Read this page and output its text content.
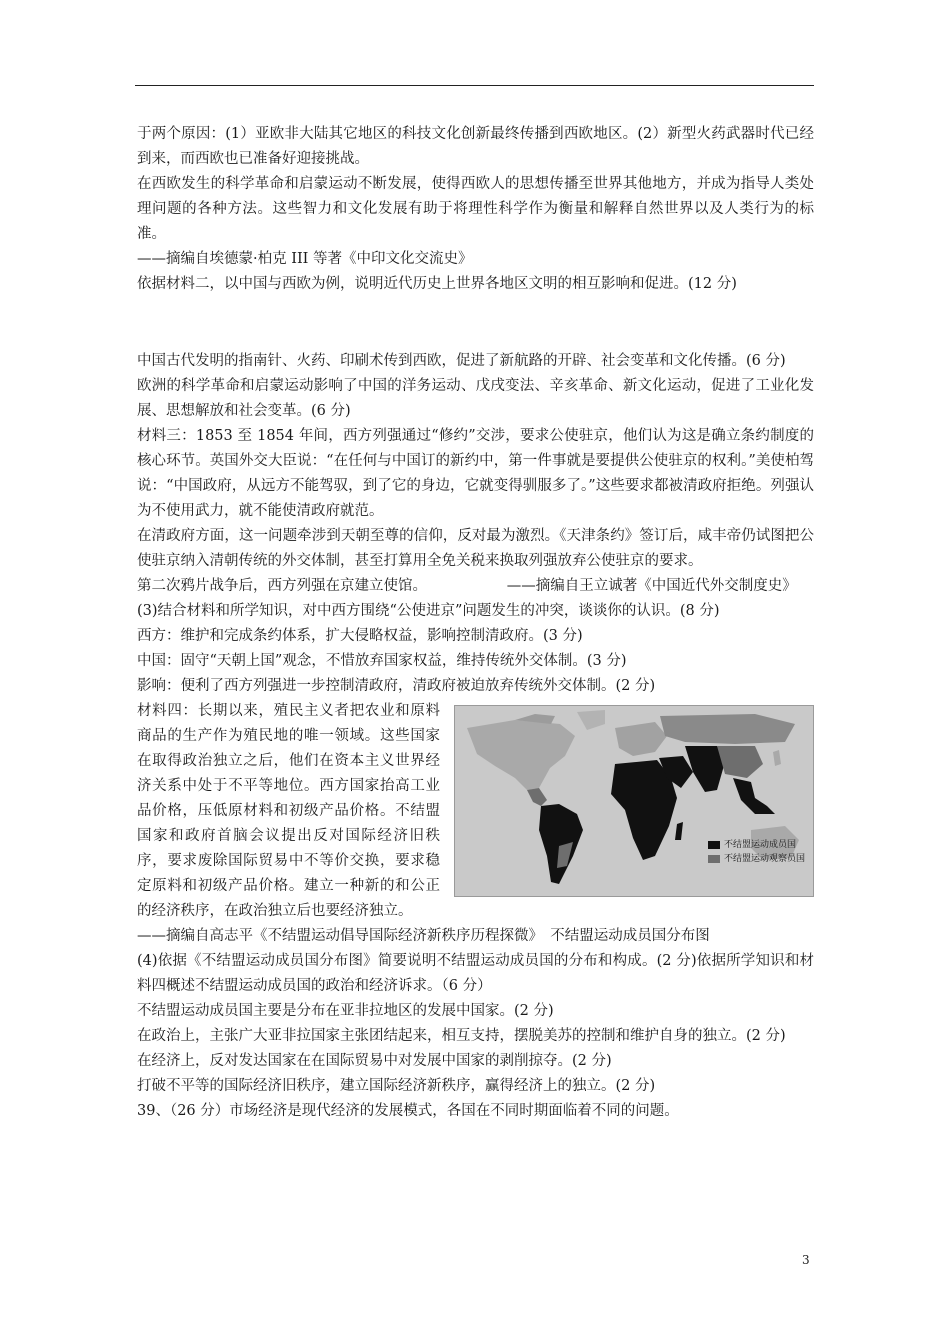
于两个原因：(1）亚欧非大陆其它地区的科技文化创新最终传播到西欧地区。(2）新型火药武器时代已经到来，而西欧也已准备好迎接挑战。

在西欧发生的科学革命和启蒙运动不断发展，使得西欧人的思想传播至世界其他地方，并成为指导人类处理问题的各种方法。这些智力和文化发展有助于将理性科学作为衡量和解释自然世界以及人类行为的标准。

——摘编自埃德蒙·柏克 III 等著《中印文化交流史》

依据材料二，以中国与西欧为例，说明近代历史上世界各地区文明的相互影响和促进。(12 分)

中国古代发明的指南针、火药、印刷术传到西欧，促进了新航路的开辟、社会变革和文化传播。(6 分)

欧洲的科学革命和启蒙运动影响了中国的洋务运动、戊戌变法、辛亥革命、新文化运动，促进了工业化发展、思想解放和社会变革。(6 分)

材料三：1853 至 1854 年间，西方列强通过“修约”交涉，要求公使驻京，他们认为这是确立条约制度的核心环节。英国外交大臣说：“在任何与中国订的新约中，第一件事就是要提供公使驻京的权利。”美使柏驾说：“中国政府，从远方不能驾驭，到了它的身边，它就变得驯服多了。”这些要求都被清政府拒绝。列强认为不使用武力，就不能使清政府就范。

在清政府方面，这一问题牵涉到天朝至尊的信仰，反对最为激烈。《天津条约》签订后，咸丰帝仍试图把公使驻京纳入清朝传统的外交体制，甚至打算用全免关税来换取列强放弃公使驻京的要求。

第二次鸦片战争后，西方列强在京建立使馆。　　　　　　——摘编自王立诚著《中国近代外交制度史》

(3)结合材料和所学知识，对中西方围绕“公使进京”问题发生的冲突，谈谈你的认识。(8 分)

西方：维护和完成条约体系，扩大侵略权益，影响控制清政府。(3 分)

中国：固守“天朝上国”观念，不惜放弃国家权益，维持传统外交体制。(3 分)

影响：便利了西方列强进一步控制清政府，清政府被迫放弃传统外交体制。(2 分)

不结盟运动成员国
不结盟运动观察员国

材料四：长期以来，殖民主义者把农业和原料商品的生产作为殖民地的唯一领域。这些国家在取得政治独立之后，他们在资本主义世界经济关系中处于不平等地位。西方国家抬高工业品价格，压低原材料和初级产品价格。不结盟国家和政府首脑会议提出反对国际经济旧秩序，要求废除国际贸易中不等价交换，要求稳定原料和初级产品价格。建立一种新的和公正的经济秩序，在政治独立后也要经济独立。

——摘编自高志平《不结盟运动倡导国际经济新秩序历程探微》　不结盟运动成员国分布图

(4)依据《不结盟运动成员国分布图》简要说明不结盟运动成员国的分布和构成。(2 分)依据所学知识和材料四概述不结盟运动成员国的政治和经济诉求。（6 分）

不结盟运动成员国主要是分布在亚非拉地区的发展中国家。(2 分)

在政治上，主张广大亚非拉国家主张团结起来，相互支持，摆脱美苏的控制和维护自身的独立。(2 分)

在经济上，反对发达国家在在国际贸易中对发展中国家的剥削掠夺。(2 分)

打破不平等的国际经济旧秩序，建立国际经济新秩序，赢得经济上的独立。(2 分)

39、（26 分）市场经济是现代经济的发展模式，各国在不同时期面临着不同的问题。

3
